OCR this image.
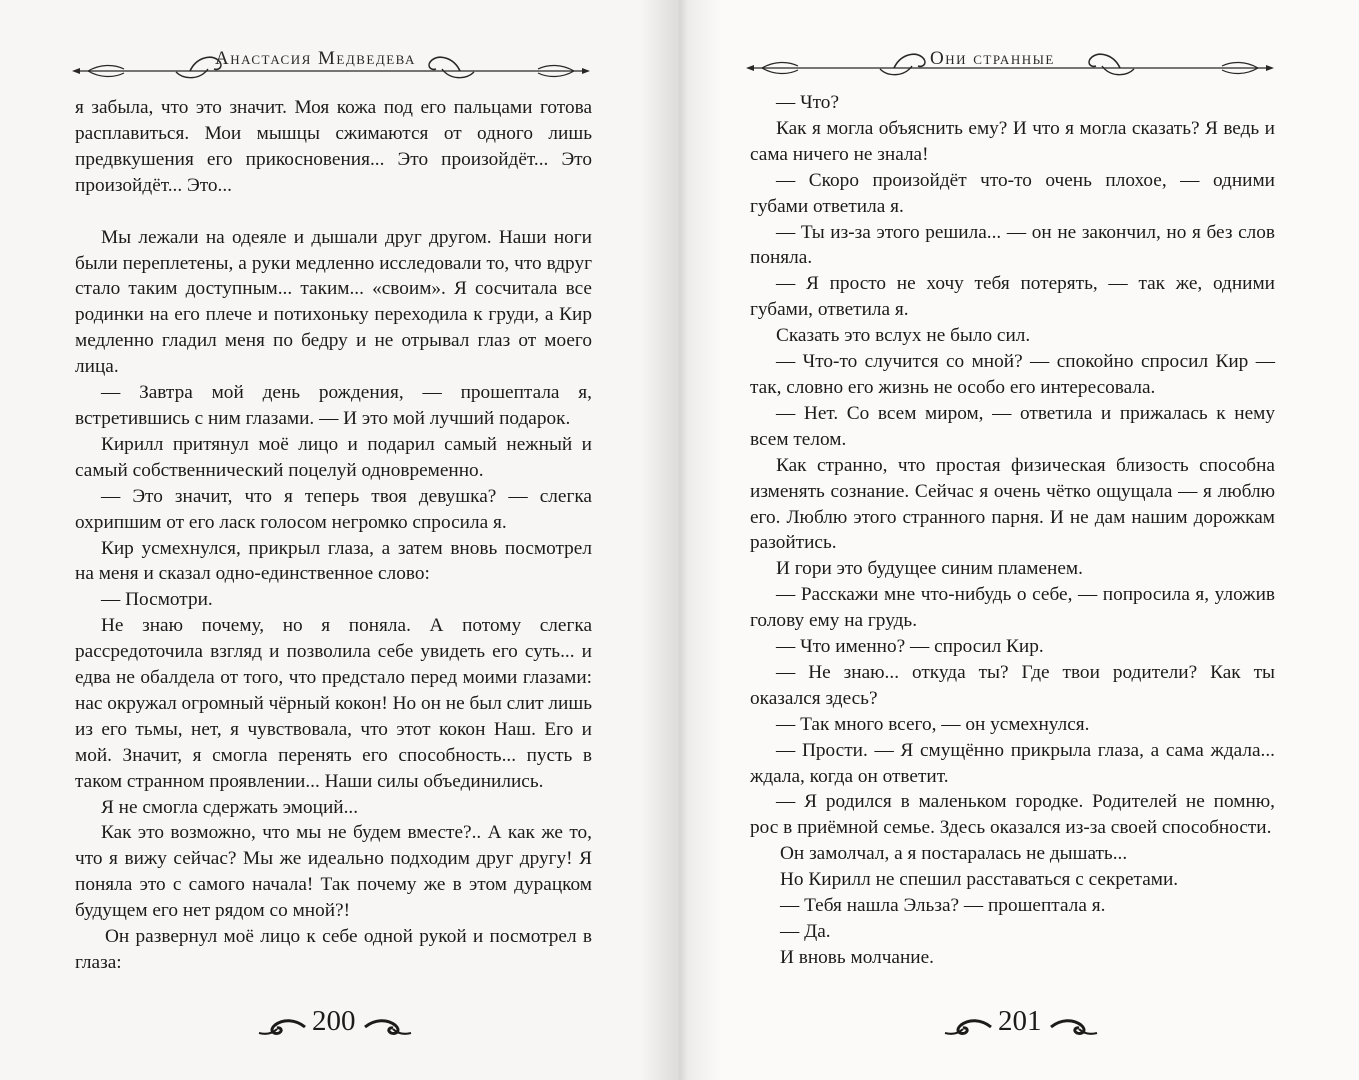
Анастасия Медведева

я забыла, что это значит. Моя кожа под его пальцами готова расплавиться. Мои мышцы сжимаются от одного лишь предвкушения его прикосновения... Это произойдёт... Это произойдёт... Это...

Мы лежали на одеяле и дышали друг другом. Наши ноги были переплетены, а руки медленно исследовали то, что вдруг стало таким доступным... таким... «своим». Я сосчитала все родинки на его плече и потихоньку переходила к груди, а Кир медленно гладил меня по бедру и не отрывал глаз от моего лица.

— Завтра мой день рождения, — прошептала я, встретившись с ним глазами. — И это мой лучший подарок.

Кирилл притянул моё лицо и подарил самый нежный и самый собственнический поцелуй одновременно.

— Это значит, что я теперь твоя девушка? — слегка охрипшим от его ласк голосом негромко спросила я.

Кир усмехнулся, прикрыл глаза, а затем вновь посмотрел на меня и сказал одно-единственное слово:

— Посмотри.

Не знаю почему, но я поняла. А потому слегка рассредоточила взгляд и позволила себе увидеть его суть... и едва не обалдела от того, что предстало перед моими глазами: нас окружал огромный чёрный кокон! Но он не был слит лишь из его тьмы, нет, я чувствовала, что этот кокон Наш. Его и мой. Значит, я смогла перенять его способность... пусть в таком странном проявлении... Наши силы объединились.

Я не смогла сдержать эмоций...

Как это возможно, что мы не будем вместе?.. А как же то, что я вижу сейчас? Мы же идеально подходим друг другу! Я поняла это с самого начала! Так почему же в этом дурацком будущем его нет рядом со мной?!

Он развернул моё лицо к себе одной рукой и посмотрел в глаза:

200
Они странные

— Что?

Как я могла объяснить ему? И что я могла сказать? Я ведь и сама ничего не знала!

— Скоро произойдёт что-то очень плохое, — одними губами ответила я.

— Ты из-за этого решила... — он не закончил, но я без слов поняла.

— Я просто не хочу тебя потерять, — так же, одними губами, ответила я.

Сказать это вслух не было сил.

— Что-то случится со мной? — спокойно спросил Кир — так, словно его жизнь не особо его интересовала.

— Нет. Со всем миром, — ответила и прижалась к нему всем телом.

Как странно, что простая физическая близость способна изменять сознание. Сейчас я очень чётко ощущала — я люблю его. Люблю этого странного парня. И не дам нашим дорожкам разойтись.

И гори это будущее синим пламенем.

— Расскажи мне что-нибудь о себе, — попросила я, уложив голову ему на грудь.

— Что именно? — спросил Кир.

— Не знаю... откуда ты? Где твои родители? Как ты оказался здесь?

— Так много всего, — он усмехнулся.

— Прости. — Я смущённо прикрыла глаза, а сама ждала... ждала, когда он ответит.

— Я родился в маленьком городке. Родителей не помню, рос в приёмной семье. Здесь оказался из-за своей способности.

Он замолчал, а я постаралась не дышать...

Но Кирилл не спешил расставаться с секретами.

— Тебя нашла Эльза? — прошептала я.

— Да.

И вновь молчание.

201
